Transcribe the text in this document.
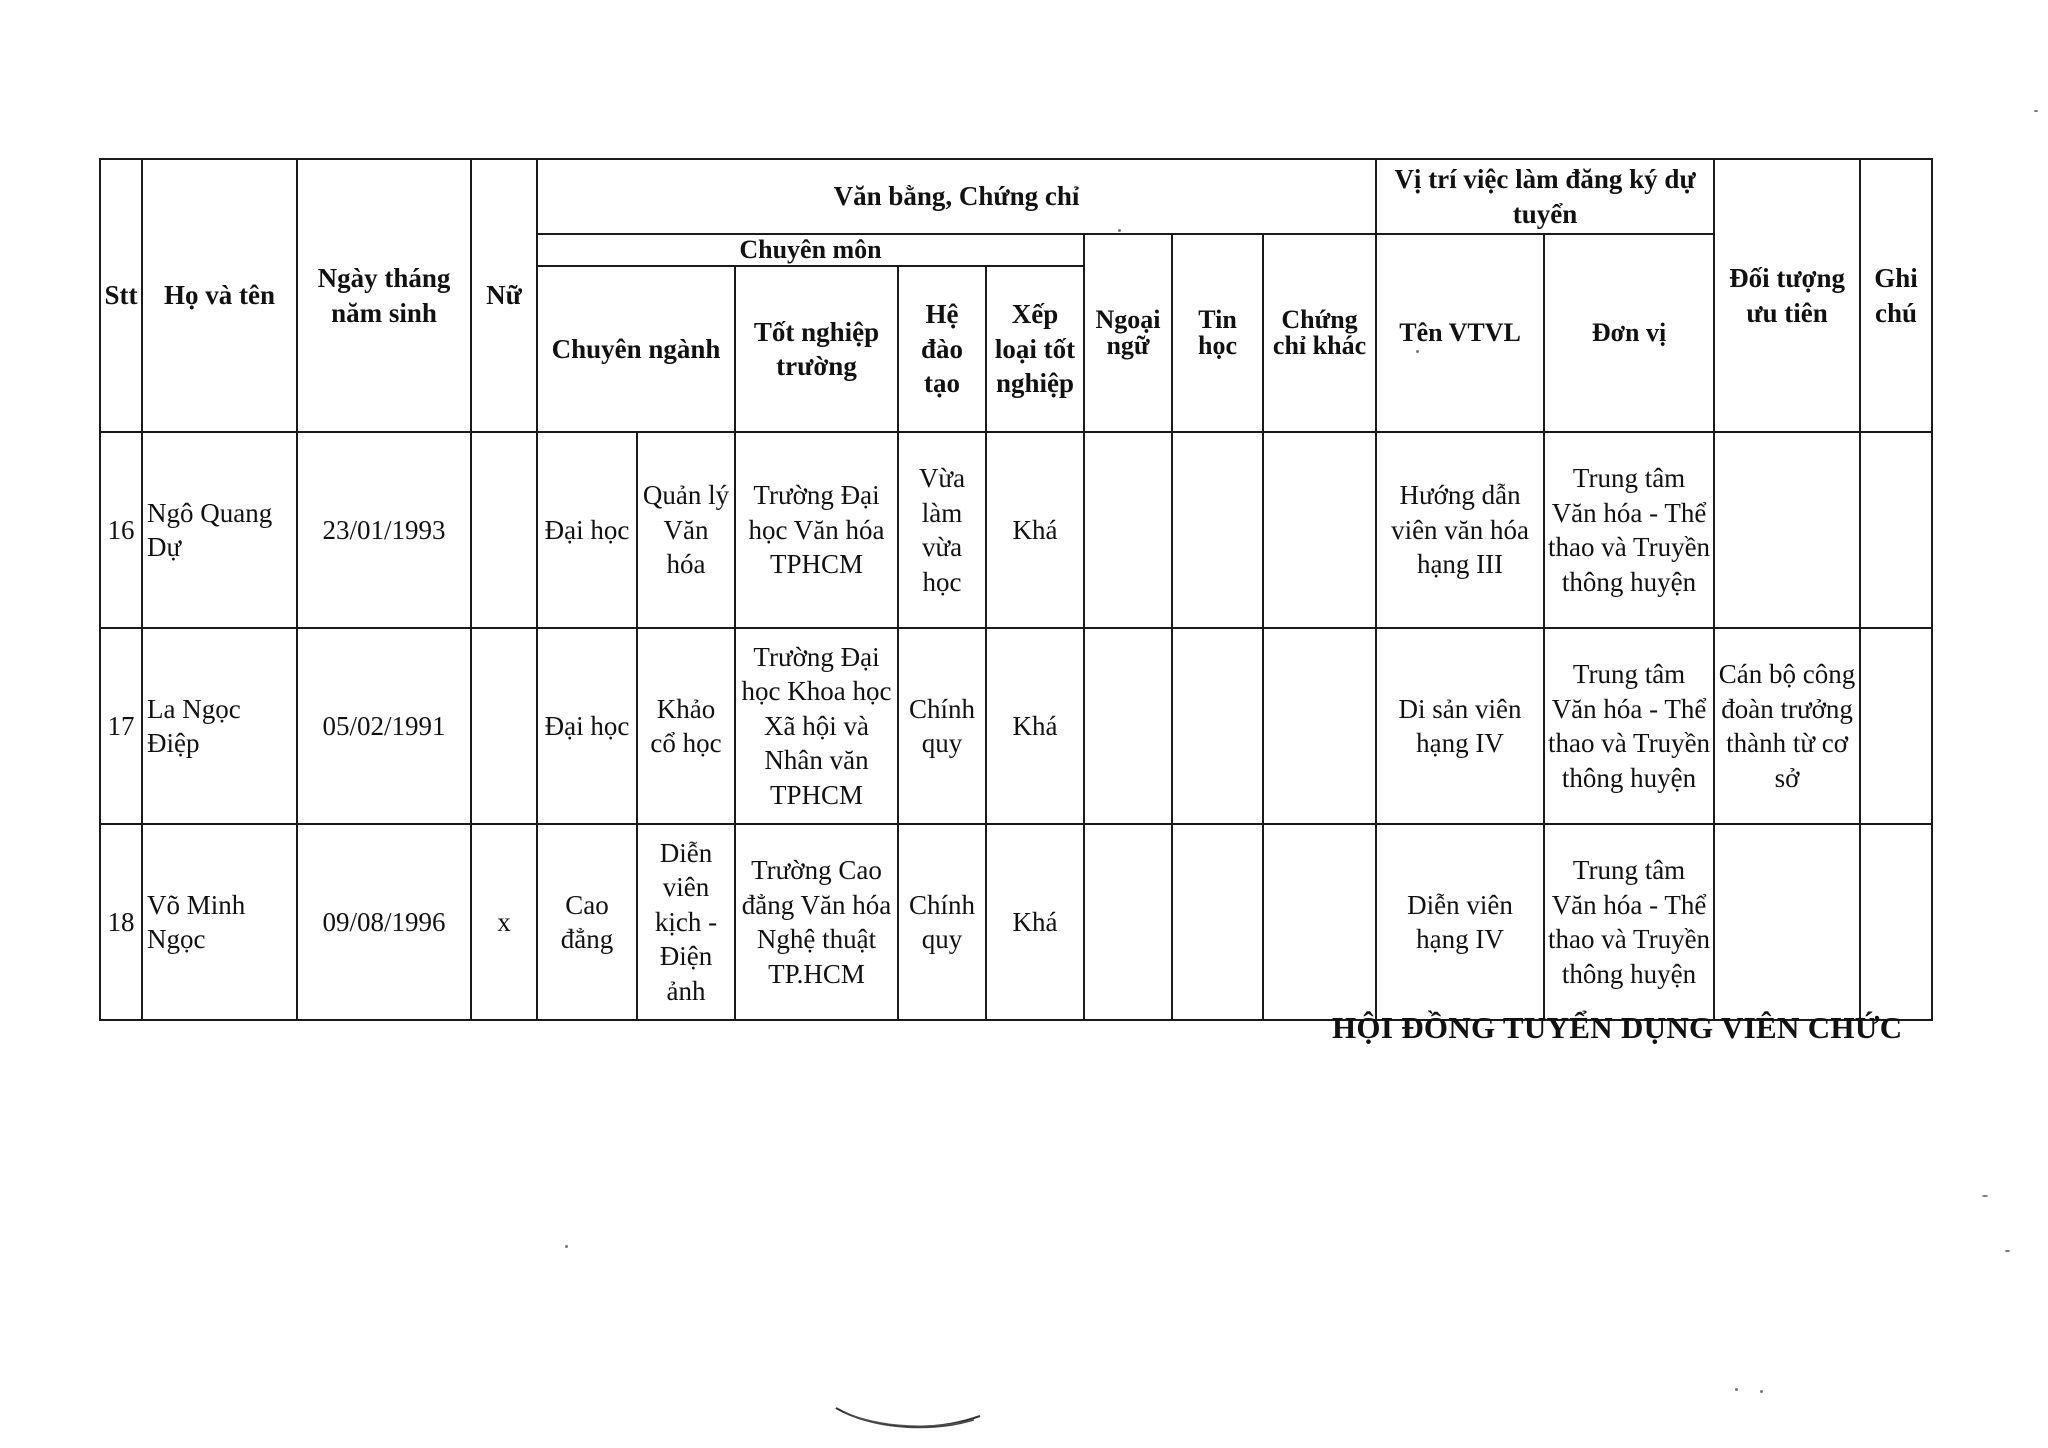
Stt	Họ và tên	Ngày tháng năm sinh	Nữ	Văn bằng, Chứng chỉ								Vị trí việc làm đăng ký dự tuyển		Đối tượng ưu tiên	Ghi chú
				Chuyên môn					Ngoại ngữ	Tin học	Chứng chỉ khác	Tên VTVL	Đơn vị		
				Chuyên ngành		Tốt nghiệp trường	Hệ đào tạo	Xếp loại tốt nghiệp							
16	Ngô Quang Dự	23/01/1993		Đại học	Quản lý Văn hóa	Trường Đại học Văn hóa TPHCM	Vừa làm vừa học	Khá				Hướng dẫn viên văn hóa hạng III	Trung tâm Văn hóa - Thể thao và Truyền thông huyện		
17	La Ngọc Điệp	05/02/1991		Đại học	Khảo cổ học	Trường Đại học Khoa học Xã hội và Nhân văn TPHCM	Chính quy	Khá				Di sản viên hạng IV	Trung tâm Văn hóa - Thể thao và Truyền thông huyện	Cán bộ công đoàn trưởng thành từ cơ sở	
18	Võ Minh Ngọc	09/08/1996	x	Cao đẳng	Diễn viên kịch - Điện ảnh	Trường Cao đẳng Văn hóa Nghệ thuật TP.HCM	Chính quy	Khá				Diễn viên hạng IV	Trung tâm Văn hóa - Thể thao và Truyền thông huyện		
HỘI ĐỒNG TUYỂN DỤNG VIÊN CHỨC
